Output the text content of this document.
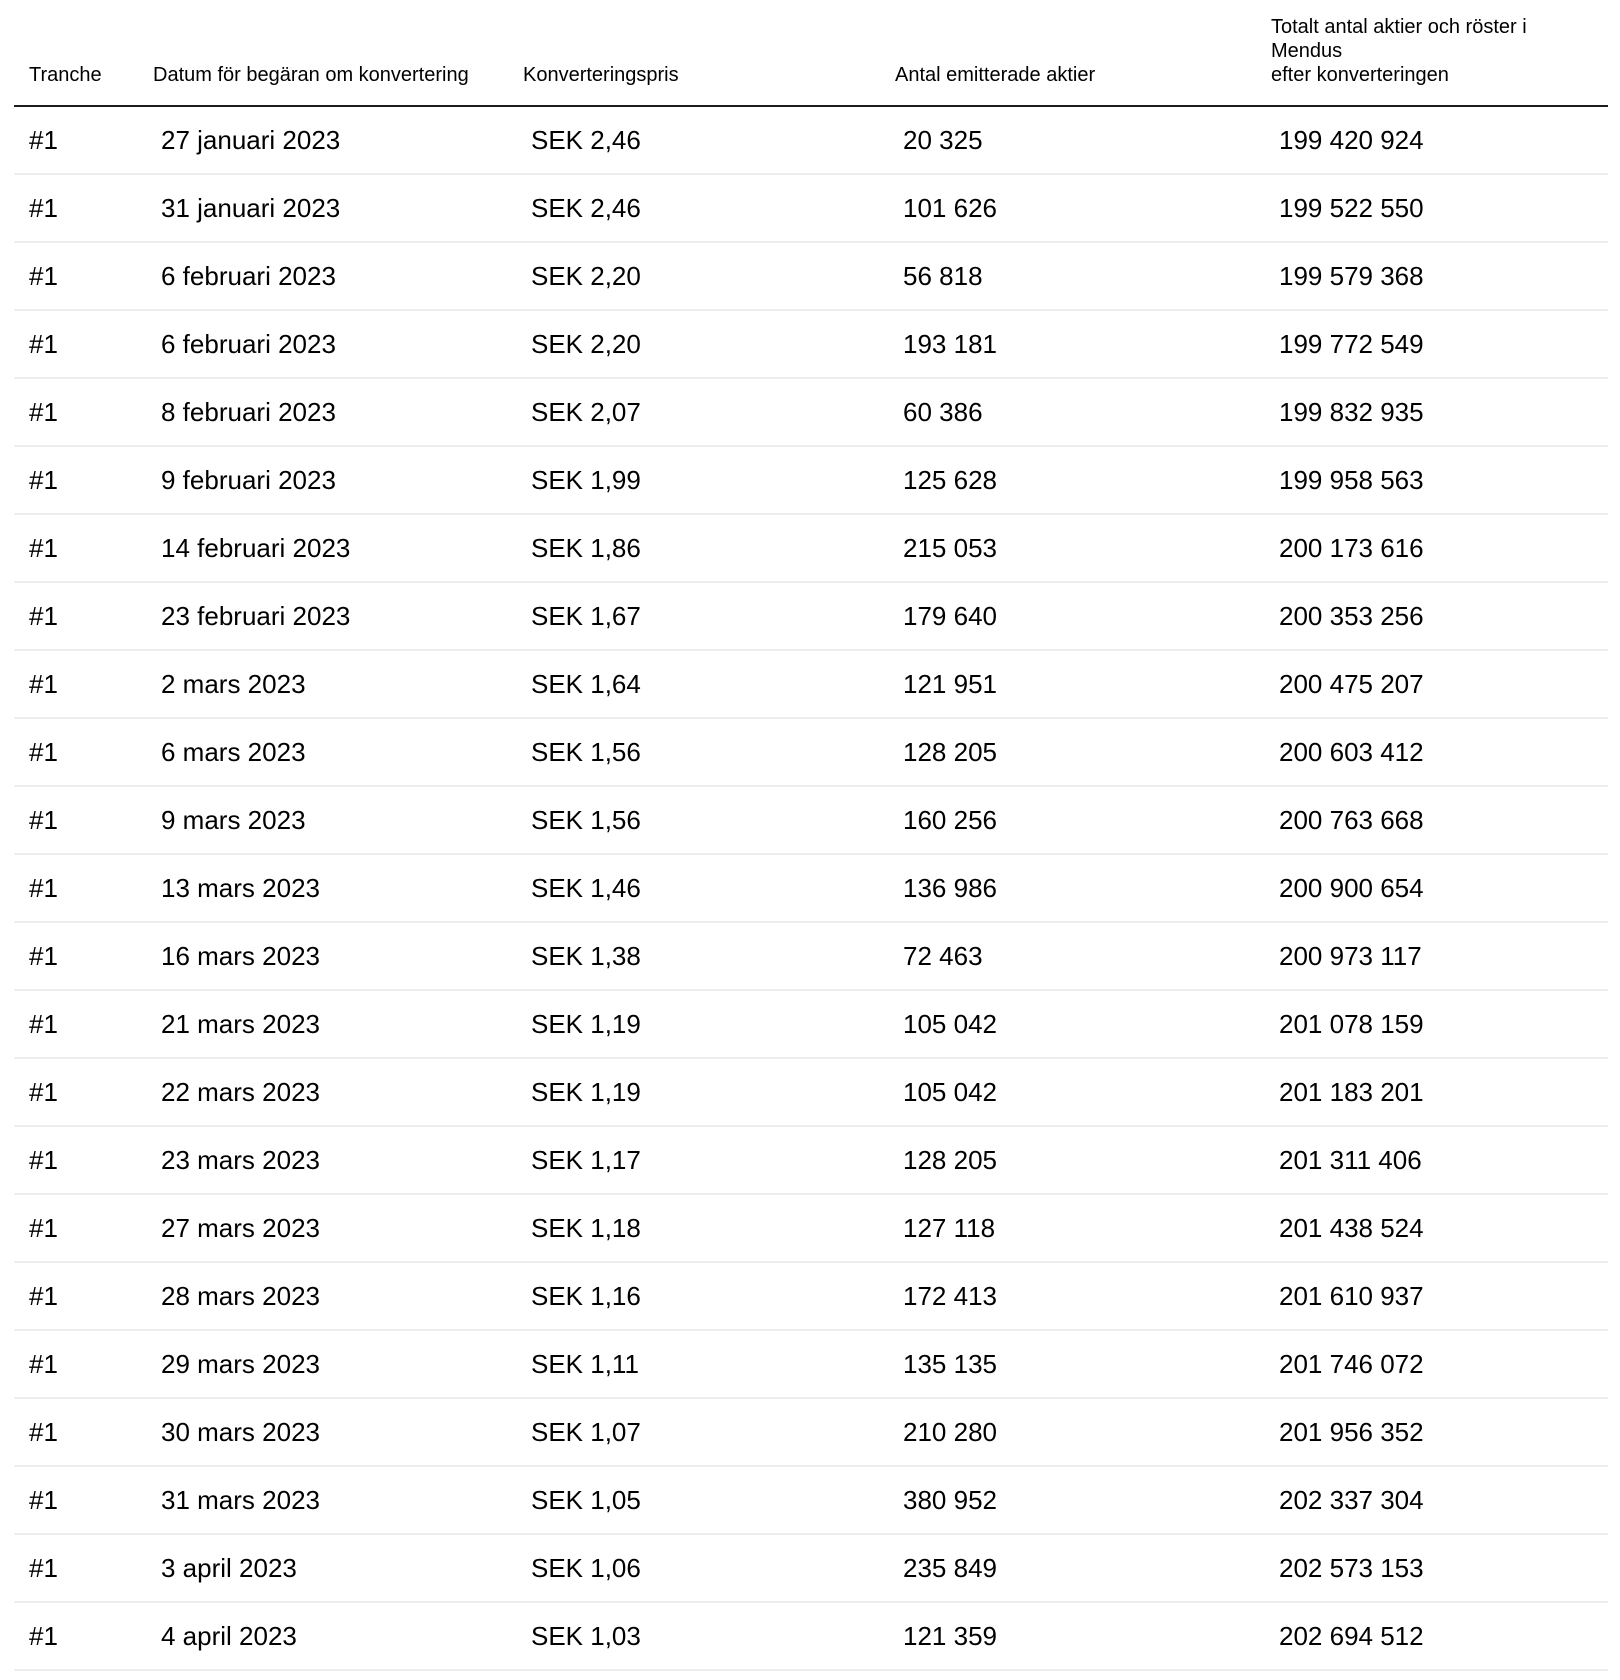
Tranche	Datum för begäran om konvertering	Konverteringspris	Antal emitterade aktier	Totalt antal aktier och röster i Mendus
efter konverteringen

#1	27 januari 2023	SEK 2,46	20 325	199 420 924
#1	31 januari 2023	SEK 2,46	101 626	199 522 550
#1	6 februari 2023	SEK 2,20	56 818	199 579 368
#1	6 februari 2023	SEK 2,20	193 181	199 772 549
#1	8 februari 2023	SEK 2,07	60 386	199 832 935
#1	9 februari 2023	SEK 1,99	125 628	199 958 563
#1	14 februari 2023	SEK 1,86	215 053	200 173 616
#1	23 februari 2023	SEK 1,67	179 640	200 353 256
#1	2 mars 2023	SEK 1,64	121 951	200 475 207
#1	6 mars 2023	SEK 1,56	128 205	200 603 412
#1	9 mars 2023	SEK 1,56	160 256	200 763 668
#1	13 mars 2023	SEK 1,46	136 986	200 900 654
#1	16 mars 2023	SEK 1,38	72 463	200 973 117
#1	21 mars 2023	SEK 1,19	105 042	201 078 159
#1	22 mars 2023	SEK 1,19	105 042	201 183 201
#1	23 mars 2023	SEK 1,17	128 205	201 311 406
#1	27 mars 2023	SEK 1,18	127 118	201 438 524
#1	28 mars 2023	SEK 1,16	172 413	201 610 937
#1	29 mars 2023	SEK 1,11	135 135	201 746 072
#1	30 mars 2023	SEK 1,07	210 280	201 956 352
#1	31 mars 2023	SEK 1,05	380 952	202 337 304
#1	3 april 2023	SEK 1,06	235 849	202 573 153
#1	4 april 2023	SEK 1,03	121 359	202 694 512
